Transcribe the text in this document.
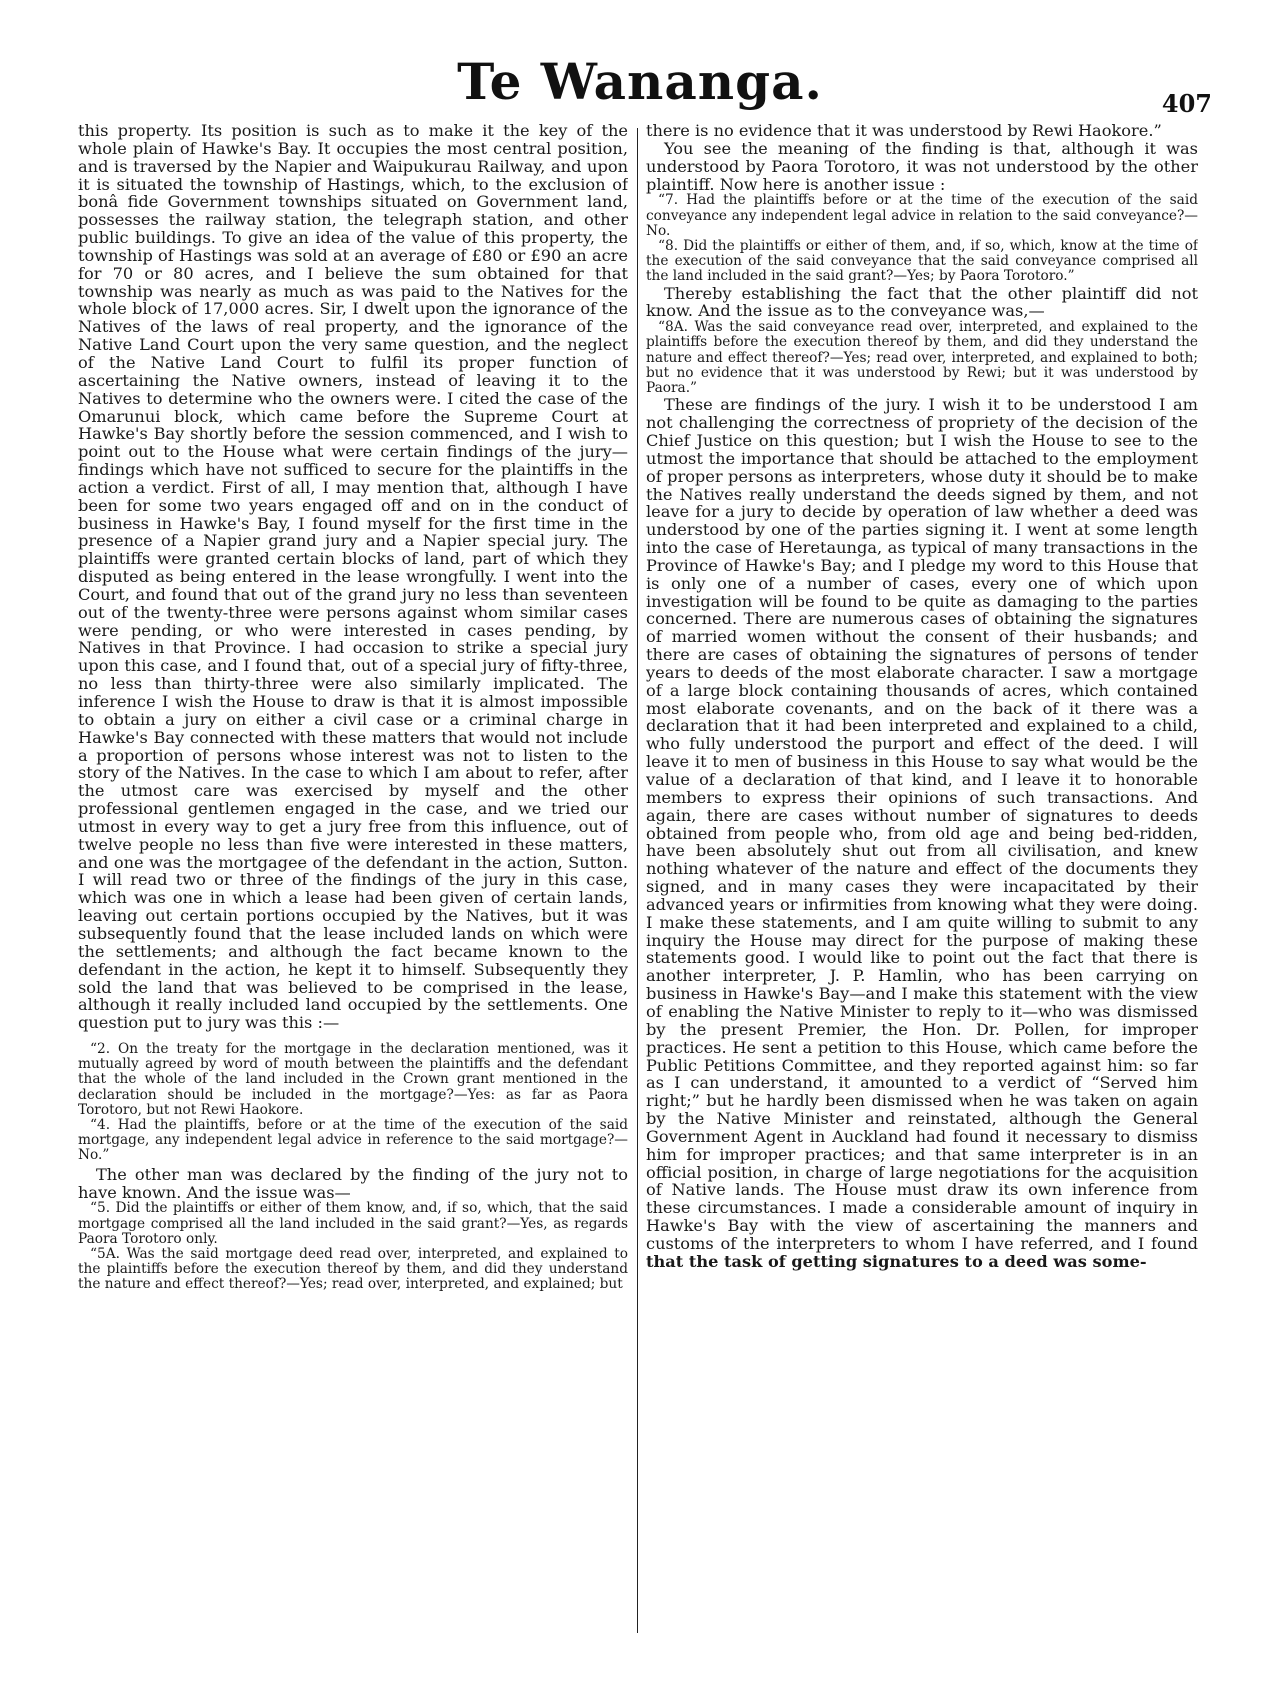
Te Wananga.	407

this property. Its position is such as to make it the key of the whole plain of Hawke's Bay. It occupies the most central position, and is traversed by the Napier and Waipukurau Railway, and upon it is situated the township of Hastings, which, to the exclusion of bonâ fide Government townships situated on Government land, possesses the railway station, the telegraph station, and other public buildings. To give an idea of the value of this property, the township of Hastings was sold at an average of £80 or £90 an acre for 70 or 80 acres, and I believe the sum obtained for that township was nearly as much as was paid to the Natives for the whole block of 17,000 acres. Sir, I dwelt upon the ignorance of the Natives of the laws of real property, and the ignorance of the Native Land Court upon the very same question, and the neglect of the Native Land Court to fulfil its proper function of ascertaining the Native owners, instead of leaving it to the Natives to determine who the owners were. I cited the case of the Omarunui block, which came before the Supreme Court at Hawke's Bay shortly before the session commenced, and I wish to point out to the House what were certain findings of the jury—findings which have not sufficed to secure for the plaintiffs in the action a verdict. First of all, I may mention that, although I have been for some two years engaged off and on in the conduct of business in Hawke's Bay, I found myself for the first time in the presence of a Napier grand jury and a Napier special jury. The plaintiffs were granted certain blocks of land, part of which they disputed as being entered in the lease wrongfully. I went into the Court, and found that out of the grand jury no less than seventeen out of the twenty-three were persons against whom similar cases were pending, or who were interested in cases pending, by Natives in that Province. I had occasion to strike a special jury upon this case, and I found that, out of a special jury of fifty-three, no less than thirty-three were also similarly implicated. The inference I wish the House to draw is that it is almost impossible to obtain a jury on either a civil case or a criminal charge in Hawke's Bay connected with these matters that would not include a proportion of persons whose interest was not to listen to the story of the Natives. In the case to which I am about to refer, after the utmost care was exercised by myself and the other professional gentlemen engaged in the case, and we tried our utmost in every way to get a jury free from this influence, out of twelve people no less than five were interested in these matters, and one was the mortgagee of the defendant in the action, Sutton. I will read two or three of the findings of the jury in this case, which was one in which a lease had been given of certain lands, leaving out certain portions occupied by the Natives, but it was subsequently found that the lease included lands on which were the settlements; and although the fact became known to the defendant in the action, he kept it to himself. Subsequently they sold the land that was believed to be comprised in the lease, although it really included land occupied by the settlements. One question put to jury was this :—

“2. On the treaty for the mortgage in the declaration mentioned, was it mutually agreed by word of mouth between the plaintiffs and the defendant that the whole of the land included in the Crown grant mentioned in the declaration should be included in the mortgage?—Yes: as far as Paora Torotoro, but not Rewi Haokore.

“4. Had the plaintiffs, before or at the time of the execution of the said mortgage, any independent legal advice in reference to the said mortgage?—No.”

The other man was declared by the finding of the jury not to have known. And the issue was—

“5. Did the plaintiffs or either of them know, and, if so, which, that the said mortgage comprised all the land included in the said grant?—Yes, as regards Paora Torotoro only.

“5A. Was the said mortgage deed read over, interpreted, and explained to the plaintiffs before the execution thereof by them, and did they understand the nature and effect thereof?—Yes; read over, interpreted, and explained; but

there is no evidence that it was understood by Rewi Haokore.”

You see the meaning of the finding is that, although it was understood by Paora Torotoro, it was not understood by the other plaintiff. Now here is another issue :

“7. Had the plaintiffs before or at the time of the execution of the said conveyance any independent legal advice in relation to the said conveyance?—No.

“8. Did the plaintiffs or either of them, and, if so, which, know at the time of the execution of the said conveyance that the said conveyance comprised all the land included in the said grant?—Yes; by Paora Torotoro.”

Thereby establishing the fact that the other plaintiff did not know. And the issue as to the conveyance was,—

“8A. Was the said conveyance read over, interpreted, and explained to the plaintiffs before the execution thereof by them, and did they understand the nature and effect thereof?—Yes; read over, interpreted, and explained to both; but no evidence that it was understood by Rewi; but it was understood by Paora.”

These are findings of the jury. I wish it to be understood I am not challenging the correctness of propriety of the decision of the Chief Justice on this question; but I wish the House to see to the utmost the importance that should be attached to the employment of proper persons as interpreters, whose duty it should be to make the Natives really understand the deeds signed by them, and not leave for a jury to decide by operation of law whether a deed was understood by one of the parties signing it. I went at some length into the case of Heretaunga, as typical of many transactions in the Province of Hawke's Bay; and I pledge my word to this House that is only one of a number of cases, every one of which upon investigation will be found to be quite as damaging to the parties concerned. There are numerous cases of obtaining the signatures of married women without the consent of their husbands; and there are cases of obtaining the signatures of persons of tender years to deeds of the most elaborate character. I saw a mortgage of a large block containing thousands of acres, which contained most elaborate covenants, and on the back of it there was a declaration that it had been interpreted and explained to a child, who fully understood the purport and effect of the deed. I will leave it to men of business in this House to say what would be the value of a declaration of that kind, and I leave it to honorable members to express their opinions of such transactions. And again, there are cases without number of signatures to deeds obtained from people who, from old age and being bed-ridden, have been absolutely shut out from all civilisation, and knew nothing whatever of the nature and effect of the documents they signed, and in many cases they were incapacitated by their advanced years or infirmities from knowing what they were doing. I make these statements, and I am quite willing to submit to any inquiry the House may direct for the purpose of making these statements good. I would like to point out the fact that there is another interpreter, J. P. Hamlin, who has been carrying on business in Hawke's Bay—and I make this statement with the view of enabling the Native Minister to reply to it—who was dismissed by the present Premier, the Hon. Dr. Pollen, for improper practices. He sent a petition to this House, which came before the Public Petitions Committee, and they reported against him: so far as I can understand, it amounted to a verdict of “Served him right;” but he hardly been dismissed when he was taken on again by the Native Minister and reinstated, although the General Government Agent in Auckland had found it necessary to dismiss him for improper practices; and that same interpreter is in an official position, in charge of large negotiations for the acquisition of Native lands. The House must draw its own inference from these circumstances. I made a considerable amount of inquiry in Hawke's Bay with the view of ascertaining the manners and customs of the interpreters to whom I have referred, and I found that the task of getting signatures to a deed was some-
